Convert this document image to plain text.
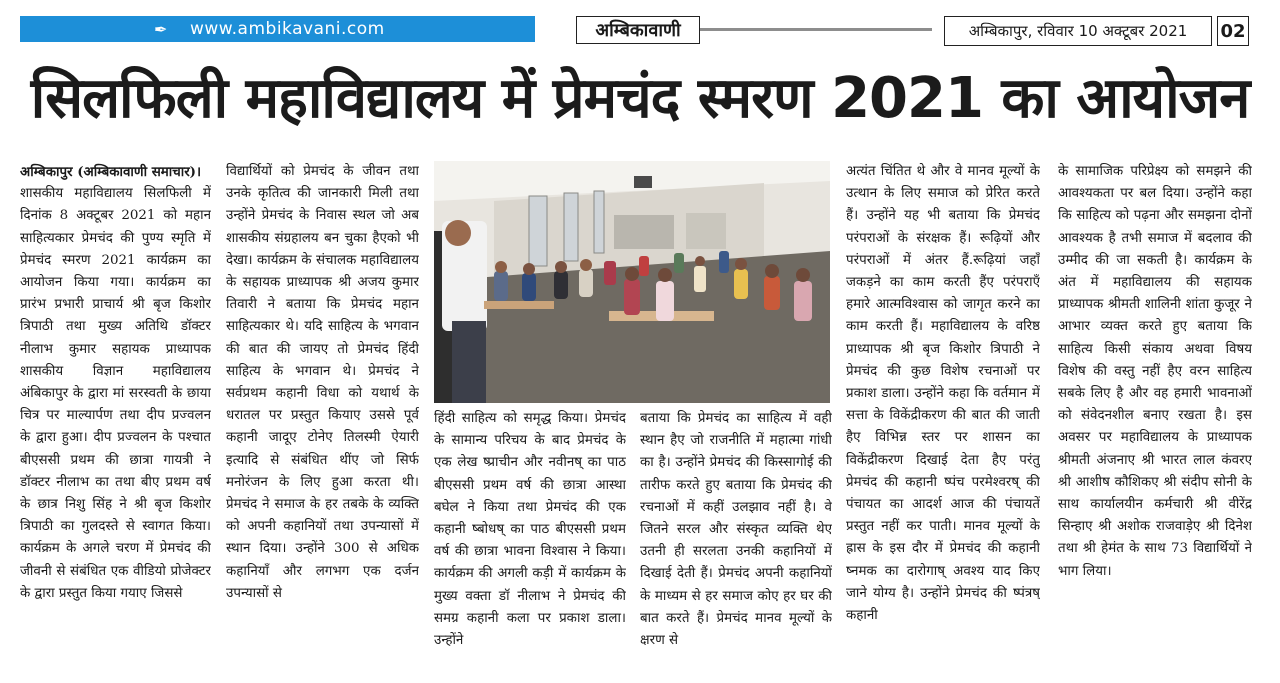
✒ www.ambikavani.com	अम्बिकावाणी	अम्बिकापुर, रविवार 10 अक्टूबर 2021	02
सिलफिली महाविद्यालय में प्रेमचंद स्मरण 2021 का आयोजन

अम्बिकापुर (अम्बिकावाणी समाचार)।

शासकीय महाविद्यालय सिलफिली में दिनांक 8 अक्टूबर 2021 को महान साहित्यकार प्रेमचंद की पुण्य स्मृति में प्रेमचंद स्मरण 2021 कार्यक्रम का आयोजन किया गया। कार्यक्रम का प्रारंभ प्रभारी प्राचार्य श्री बृज किशोर त्रिपाठी तथा मुख्य अतिथि डॉक्टर नीलाभ कुमार सहायक प्राध्यापक शासकीय विज्ञान महाविद्यालय अंबिकापुर के द्वारा मां सरस्वती के छाया चित्र पर माल्यार्पण तथा दीप प्रज्वलन के द्वारा हुआ। दीप प्रज्वलन के पश्चात बीएससी प्रथम की छात्रा गायत्री ने डॉक्टर नीलाभ का तथा बीए प्रथम वर्ष के छात्र निशु सिंह ने श्री बृज किशोर त्रिपाठी का गुलदस्ते से स्वागत किया। कार्यक्रम के अगले चरण में प्रेमचंद की जीवनी से संबंधित एक वीडियो प्रोजेक्टर के द्वारा प्रस्तुत किया गयाए जिससे

विद्यार्थियों को प्रेमचंद के जीवन तथा उनके कृतित्व की जानकारी मिली तथा उन्होंने प्रेमचंद के निवास स्थल जो अब शासकीय संग्रहालय बन चुका हैएको भी देखा। कार्यक्रम के संचालक महाविद्यालय के सहायक प्राध्यापक श्री अजय कुमार तिवारी ने बताया कि प्रेमचंद महान साहित्यकार थे। यदि साहित्य के भगवान की बात की जायए तो प्रेमचंद हिंदी साहित्य के भगवान थे। प्रेमचंद ने सर्वप्रथम कहानी विधा को यथार्थ के धरातल पर प्रस्तुत कियाए उससे पूर्व कहानी जादूए टोनेए तिलस्मी ऐयारी इत्यादि से संबंधित थींए जो सिर्फ मनोरंजन के लिए हुआ करता थी। प्रेमचंद ने समाज के हर तबके के व्यक्ति को अपनी कहानियों तथा उपन्यासों में स्थान दिया। उन्होंने 300 से अधिक कहानियाँ और लगभग एक दर्जन उपन्यासों से

हिंदी साहित्य को समृद्ध किया। प्रेमचंद के सामान्य परिचय के बाद प्रेमचंद के एक लेख ष्प्राचीन और नवीनष् का पाठ बीएससी प्रथम वर्ष की छात्रा आस्था बघेल ने किया तथा प्रेमचंद की एक कहानी ष्बोधष् का पाठ बीएससी प्रथम वर्ष की छात्रा भावना विश्वास ने किया। कार्यक्रम की अगली कड़ी में कार्यक्रम के मुख्य वक्ता डॉ नीलाभ ने प्रेमचंद की समग्र कहानी कला पर प्रकाश डाला। उन्होंने

बताया कि प्रेमचंद का साहित्य में वही स्थान हैए जो राजनीति में महात्मा गांधी का है। उन्होंने प्रेमचंद की किस्सागोई की तारीफ करते हुए बताया कि प्रेमचंद की रचनाओं में कहीं उलझाव नहीं है। वे जितने सरल और संस्कृत व्यक्ति थेए उतनी ही सरलता उनकी कहानियों में दिखाई देती हैं। प्रेमचंद अपनी कहानियों के माध्यम से हर समाज कोए हर घर की बात करते हैं। प्रेमचंद मानव मूल्यों के क्षरण से

अत्यंत चिंतित थे और वे मानव मूल्यों के उत्थान के लिए समाज को प्रेरित करते हैं। उन्होंने यह भी बताया कि प्रेमचंद परंपराओं के संरक्षक हैं। रूढ़ियों और परंपराओं में अंतर हैं.रूढ़ियां जहाँ जकड़ने का काम करती हैंए परंपराएँ हमारे आत्मविश्वास को जागृत करने का काम करती हैं। महाविद्यालय के वरिष्ठ प्राध्यापक श्री बृज किशोर त्रिपाठी ने प्रेमचंद की कुछ विशेष रचनाओं पर प्रकाश डाला। उन्होंने कहा कि वर्तमान में सत्ता के विकेंद्रीकरण की बात की जाती हैए विभिन्न स्तर पर शासन का विकेंद्रीकरण दिखाई देता हैए परंतु प्रेमचंद की कहानी ष्पंच परमेश्वरष् की पंचायत का आदर्श आज की पंचायतें प्रस्तुत नहीं कर पाती। मानव मूल्यों के ह्रास के इस दौर में प्रेमचंद की कहानी ष्नमक का दारोगाष् अवश्य याद किए जाने योग्य है। उन्होंने प्रेमचंद की ष्पंत्रष् कहानी

के सामाजिक परिप्रेक्ष्य को समझने की आवश्यकता पर बल दिया। उन्होंने कहा कि साहित्य को पढ़ना और समझना दोनों आवश्यक है तभी समाज में बदलाव की उम्मीद की जा सकती है। कार्यक्रम के अंत में महाविद्यालय की सहायक प्राध्यापक श्रीमती शालिनी शांता कुजूर ने आभार व्यक्त करते हुए बताया कि साहित्य किसी संकाय अथवा विषय विशेष की वस्तु नहीं हैए वरन साहित्य सबके लिए है और वह हमारी भावनाओं को संवेदनशील बनाए रखता है। इस अवसर पर महाविद्यालय के प्राध्यापक श्रीमती अंजनाए श्री भारत लाल कंवरए श्री आशीष कौशिकए श्री संदीप सोनी के साथ कार्यालयीन कर्मचारी श्री वीरेंद्र सिन्हाए श्री अशोक राजवाड़ेए श्री दिनेश तथा श्री हेमंत के साथ 73 विद्यार्थियों ने भाग लिया।
